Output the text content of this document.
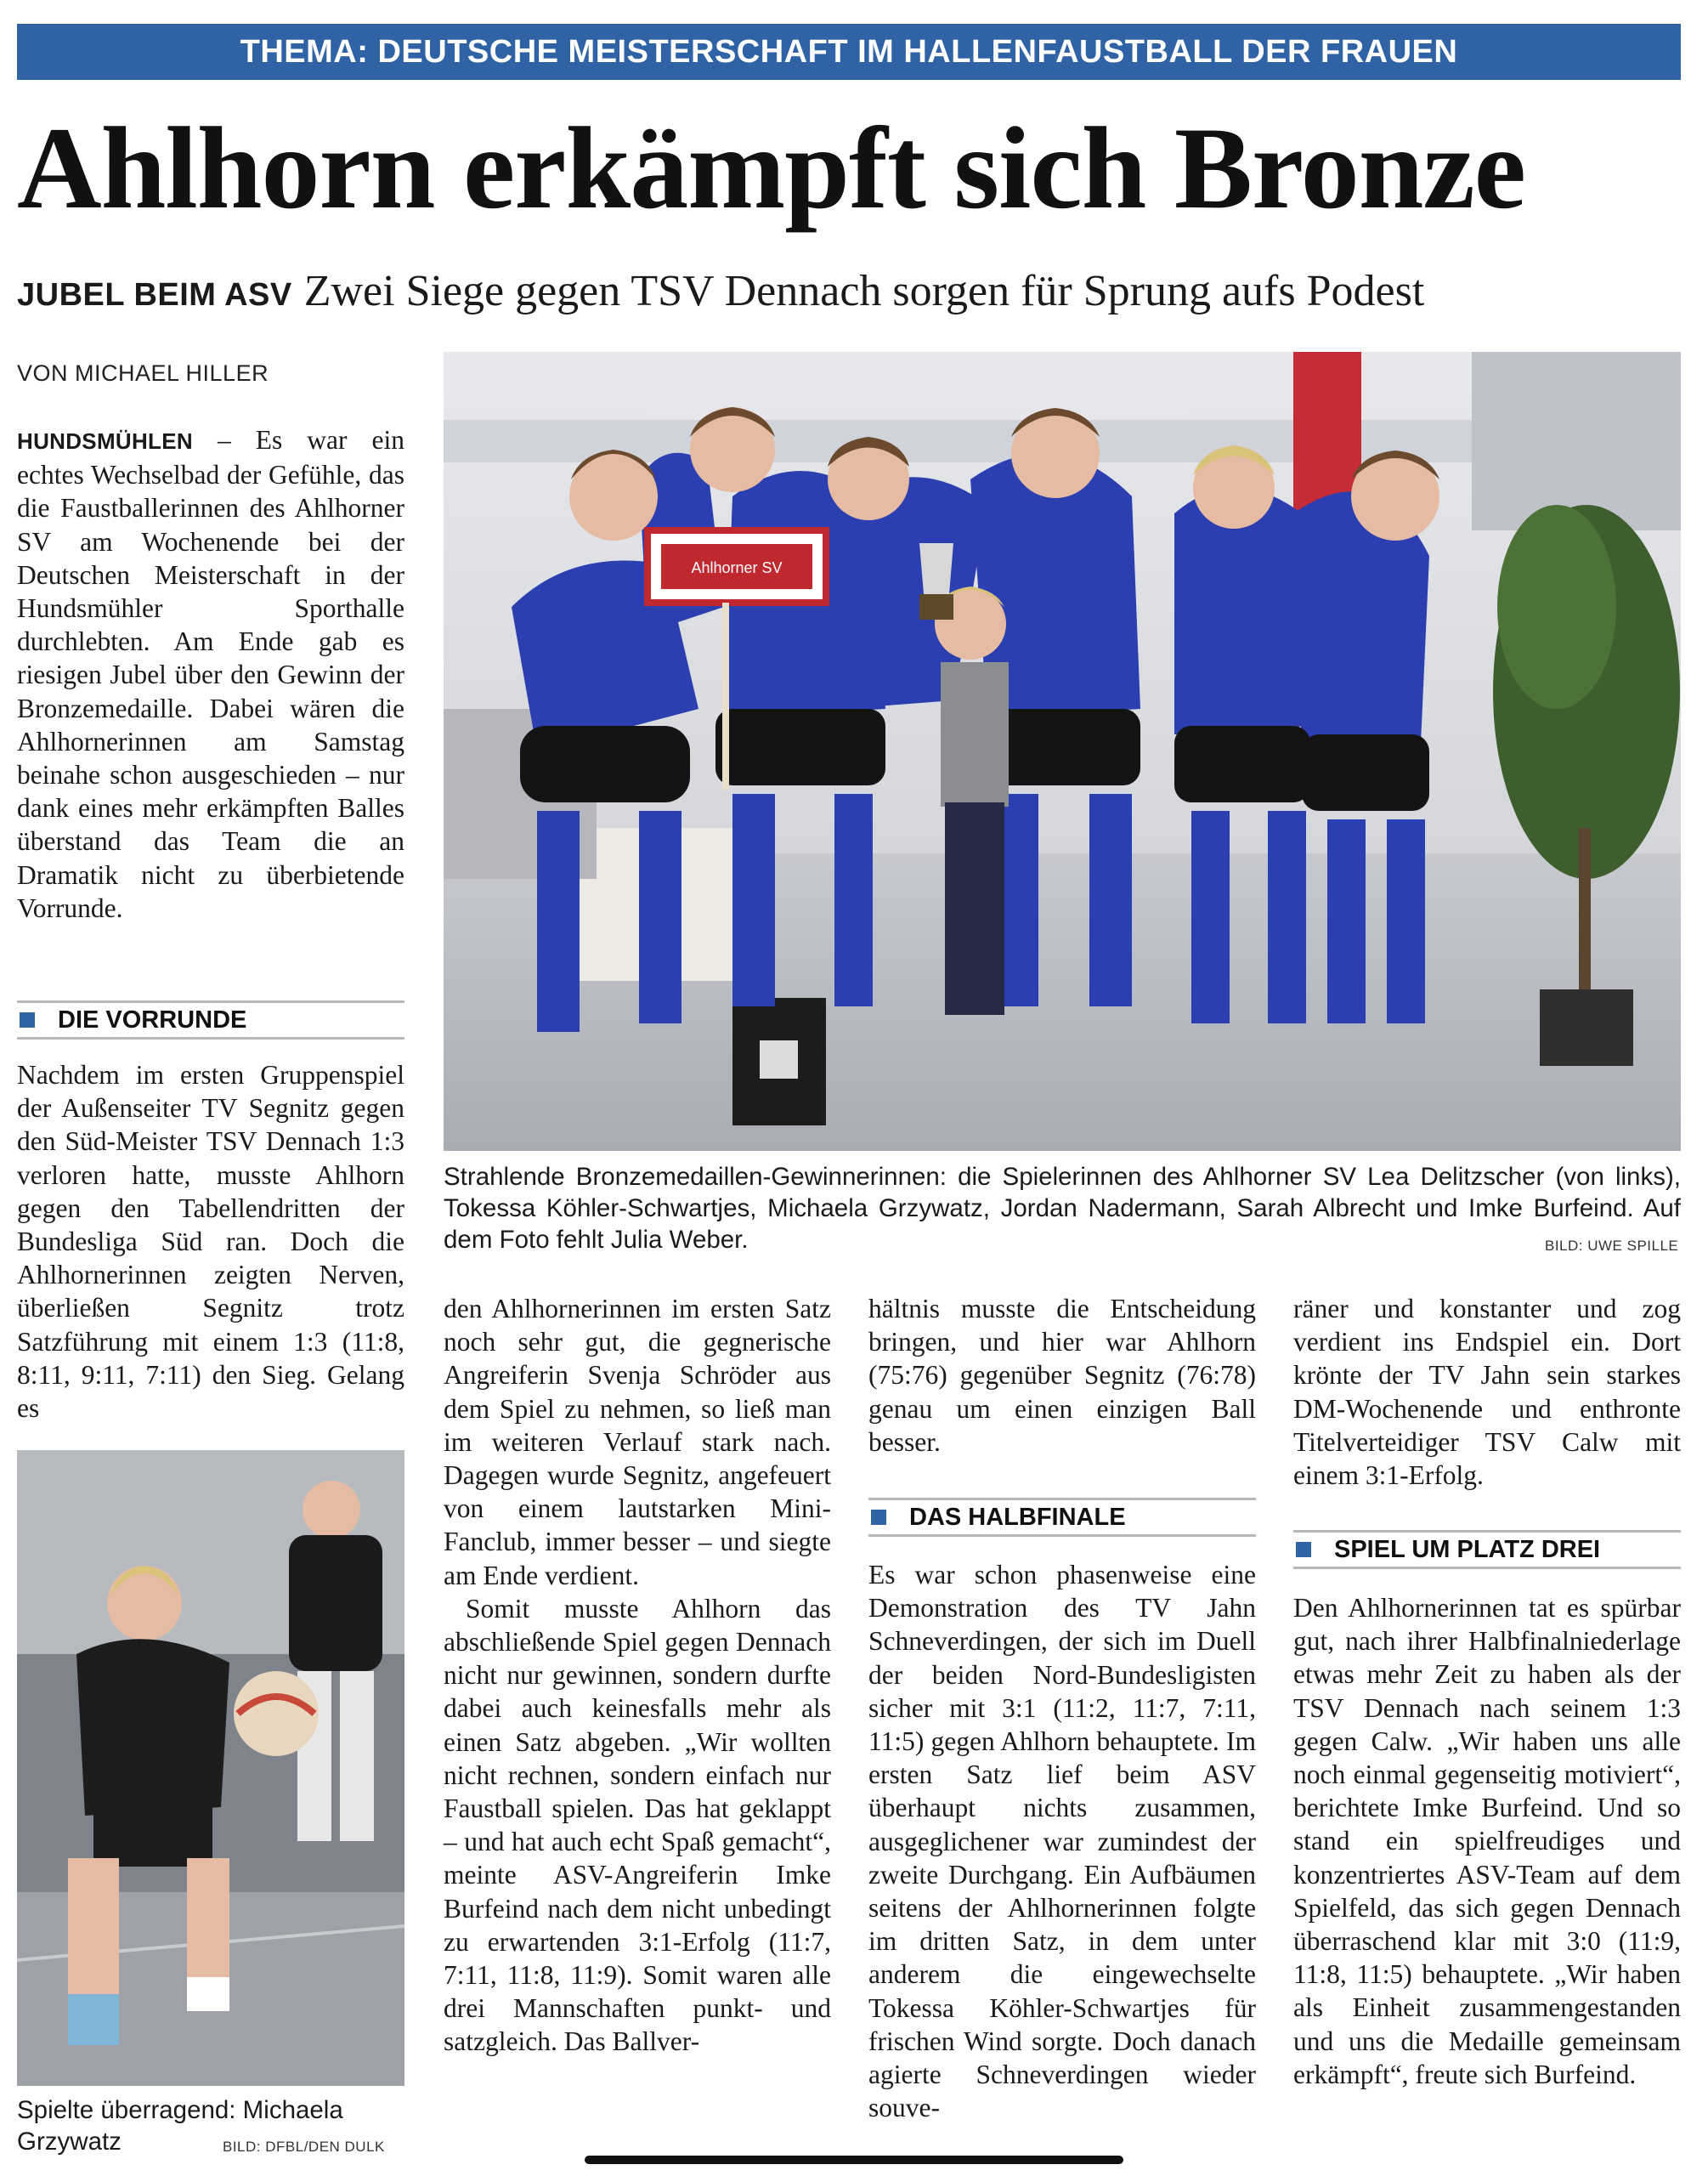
THEMA: DEUTSCHE MEISTERSCHAFT IM HALLENFAUSTBALL DER FRAUEN
Ahlhorn erkämpft sich Bronze
JUBEL BEIM ASV Zwei Siege gegen TSV Dennach sorgen für Sprung aufs Podest
VON MICHAEL HILLER

HUNDSMÜHLEN – Es war ein echtes Wechselbad der Gefühle, das die Faustballerinnen des Ahlhorner SV am Wochenende bei der Deutschen Meisterschaft in der Hundsmühler Sporthalle durchlebten. Am Ende gab es riesigen Jubel über den Gewinn der Bronzemedaille. Dabei wären die Ahlhornerinnen am Samstag beinahe schon ausgeschieden – nur dank eines mehr erkämpften Balles überstand das Team die an Dramatik nicht zu überbietende Vorrunde.

DIE VORRUNDE

Nachdem im ersten Gruppenspiel der Außenseiter TV Segnitz gegen den Süd-Meister TSV Dennach 1:3 verloren hatte, musste Ahlhorn gegen den Tabellendritten der Bundesliga Süd ran. Doch die Ahlhornerinnen zeigten Nerven, überließen Segnitz trotz Satzführung mit einem 1:3 (11:8, 8:11, 9:11, 7:11) den Sieg. Gelang es

Ahlhorner SV
Strahlende Bronzemedaillen-Gewinnerinnen: die Spielerinnen des Ahlhorner SV Lea Delitzscher (von links), Tokessa Köhler-Schwartjes, Michaela Grzywatz, Jordan Nadermann, Sarah Albrecht und Imke Burfeind. Auf dem Foto fehlt Julia Weber.	BILD: UWE SPILLE
Spielte überragend: Michaela Grzywatz	BILD: DFBL/DEN DULK

den Ahlhornerinnen im ersten Satz noch sehr gut, die gegnerische Angreiferin Svenja Schröder aus dem Spiel zu nehmen, so ließ man im weiteren Verlauf stark nach. Dagegen wurde Segnitz, angefeuert von einem lautstarken Mini-Fanclub, immer besser – und siegte am Ende verdient.

Somit musste Ahlhorn das abschließende Spiel gegen Dennach nicht nur gewinnen, sondern durfte dabei auch keinesfalls mehr als einen Satz abgeben. „Wir wollten nicht rechnen, sondern einfach nur Faustball spielen. Das hat geklappt – und hat auch echt Spaß gemacht“, meinte ASV-Angreiferin Imke Burfeind nach dem nicht unbedingt zu erwartenden 3:1-Erfolg (11:7, 7:11, 11:8, 11:9). Somit waren alle drei Mannschaften punkt- und satzgleich. Das Ballver-

hältnis musste die Entscheidung bringen, und hier war Ahlhorn (75:76) gegenüber Segnitz (76:78) genau um einen einzigen Ball besser.

DAS HALBFINALE

Es war schon phasenweise eine Demonstration des TV Jahn Schneverdingen, der sich im Duell der beiden Nord-Bundesligisten sicher mit 3:1 (11:2, 11:7, 7:11, 11:5) gegen Ahlhorn behauptete. Im ersten Satz lief beim ASV überhaupt nichts zusammen, ausgeglichener war zumindest der zweite Durchgang. Ein Aufbäumen seitens der Ahlhornerinnen folgte im dritten Satz, in dem unter anderem die eingewechselte Tokessa Köhler-Schwartjes für frischen Wind sorgte. Doch danach agierte Schneverdingen wieder souve-

räner und konstanter und zog verdient ins Endspiel ein. Dort krönte der TV Jahn sein starkes DM-Wochenende und enthronte Titelverteidiger TSV Calw mit einem 3:1-Erfolg.

SPIEL UM PLATZ DREI

Den Ahlhornerinnen tat es spürbar gut, nach ihrer Halbfinalniederlage etwas mehr Zeit zu haben als der TSV Dennach nach seinem 1:3 gegen Calw. „Wir haben uns alle noch einmal gegenseitig motiviert“, berichtete Imke Burfeind. Und so stand ein spielfreudiges und konzentriertes ASV-Team auf dem Spielfeld, das sich gegen Dennach überraschend klar mit 3:0 (11:9, 11:8, 11:5) behauptete. „Wir haben als Einheit zusammengestanden und uns die Medaille gemeinsam erkämpft“, freute sich Burfeind.
